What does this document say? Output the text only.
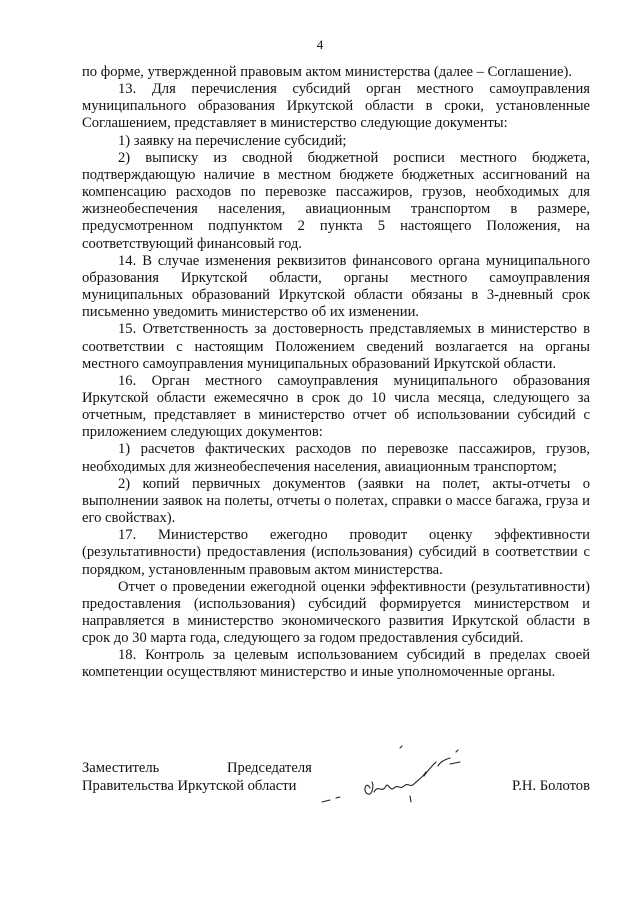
4

по форме, утвержденной правовым актом министерства (далее – Соглашение).

13. Для перечисления субсидий орган местного самоуправления муниципального образования Иркутской области в сроки, установленные Соглашением, представляет в министерство следующие документы:

1) заявку на перечисление субсидий;

2) выписку из сводной бюджетной росписи местного бюджета, подтверждающую наличие в местном бюджете бюджетных ассигнований на компенсацию расходов по перевозке пассажиров, грузов, необходимых для жизнеобеспечения населения, авиационным транспортом в размере, предусмотренном подпунктом 2 пункта 5 настоящего Положения, на соответствующий финансовый год.

14. В случае изменения реквизитов финансового органа муниципального образования Иркутской области, органы местного самоуправления муниципальных образований Иркутской области обязаны в 3-дневный срок письменно уведомить министерство об их изменении.

15. Ответственность за достоверность представляемых в министерство в соответствии с настоящим Положением сведений возлагается на органы местного самоуправления муниципальных образований Иркутской области.

16. Орган местного самоуправления муниципального образования Иркутской области ежемесячно в срок до 10 числа месяца, следующего за отчетным, представляет в министерство отчет об использовании субсидий с приложением следующих документов:

1) расчетов фактических расходов по перевозке пассажиров, грузов, необходимых для жизнеобеспечения населения, авиационным транспортом;

2) копий первичных документов (заявки на полет, акты-отчеты о выполнении заявок на полеты, отчеты о полетах, справки о массе багажа, груза и его свойствах).

17. Министерство ежегодно проводит оценку эффективности (результативности) предоставления (использования) субсидий в соответствии с порядком, установленным правовым актом министерства.

Отчет о проведении ежегодной оценки эффективности (результативности) предоставления (использования) субсидий формируется министерством и направляется в министерство экономического развития Иркутской области в срок до 30 марта года, следующего за годом предоставления субсидий.

18. Контроль за целевым использованием субсидий в пределах своей компетенции осуществляют министерство и иные уполномоченные органы.

Заместитель	Председателя
Правительства Иркутской области	Р.Н. Болотов
